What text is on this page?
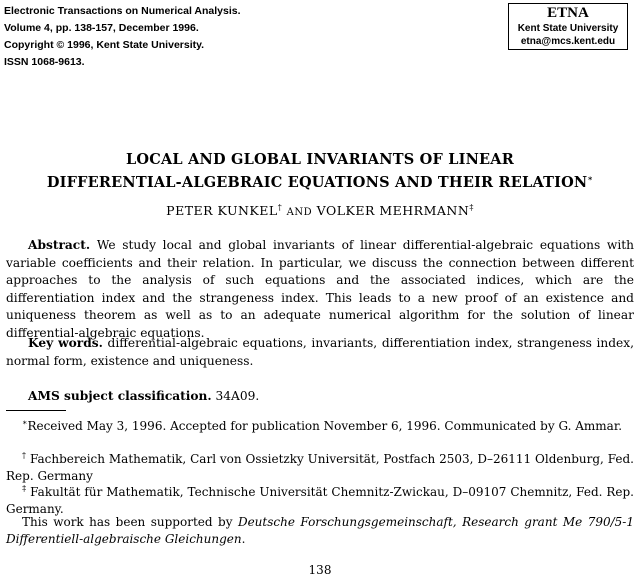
Electronic Transactions on Numerical Analysis.
Volume 4, pp. 138-157, December 1996.
Copyright © 1996, Kent State University.
ISSN 1068-9613.
ETNA
Kent State University
etna@mcs.kent.edu
LOCAL AND GLOBAL INVARIANTS OF LINEAR
DIFFERENTIAL-ALGEBRAIC EQUATIONS AND THEIR RELATION∗
PETER KUNKEL† AND VOLKER MEHRMANN‡
Abstract. We study local and global invariants of linear differential-algebraic equations with variable coefficients and their relation. In particular, we discuss the connection between different approaches to the analysis of such equations and the associated indices, which are the differentiation index and the strangeness index. This leads to a new proof of an existence and uniqueness theorem as well as to an adequate numerical algorithm for the solution of linear differential-algebraic equations.
Key words. differential-algebraic equations, invariants, differentiation index, strangeness index, normal form, existence and uniqueness.
AMS subject classification. 34A09.
∗Received May 3, 1996. Accepted for publication November 6, 1996. Communicated by G. Ammar.
† Fachbereich Mathematik, Carl von Ossietzky Universität, Postfach 2503, D–26111 Oldenburg, Fed. Rep. Germany
‡ Fakultät für Mathematik, Technische Universität Chemnitz-Zwickau, D–09107 Chemnitz, Fed. Rep. Germany.
This work has been supported by Deutsche Forschungsgemeinschaft, Research grant Me 790/5-1 Differentiell-algebraische Gleichungen.
138
